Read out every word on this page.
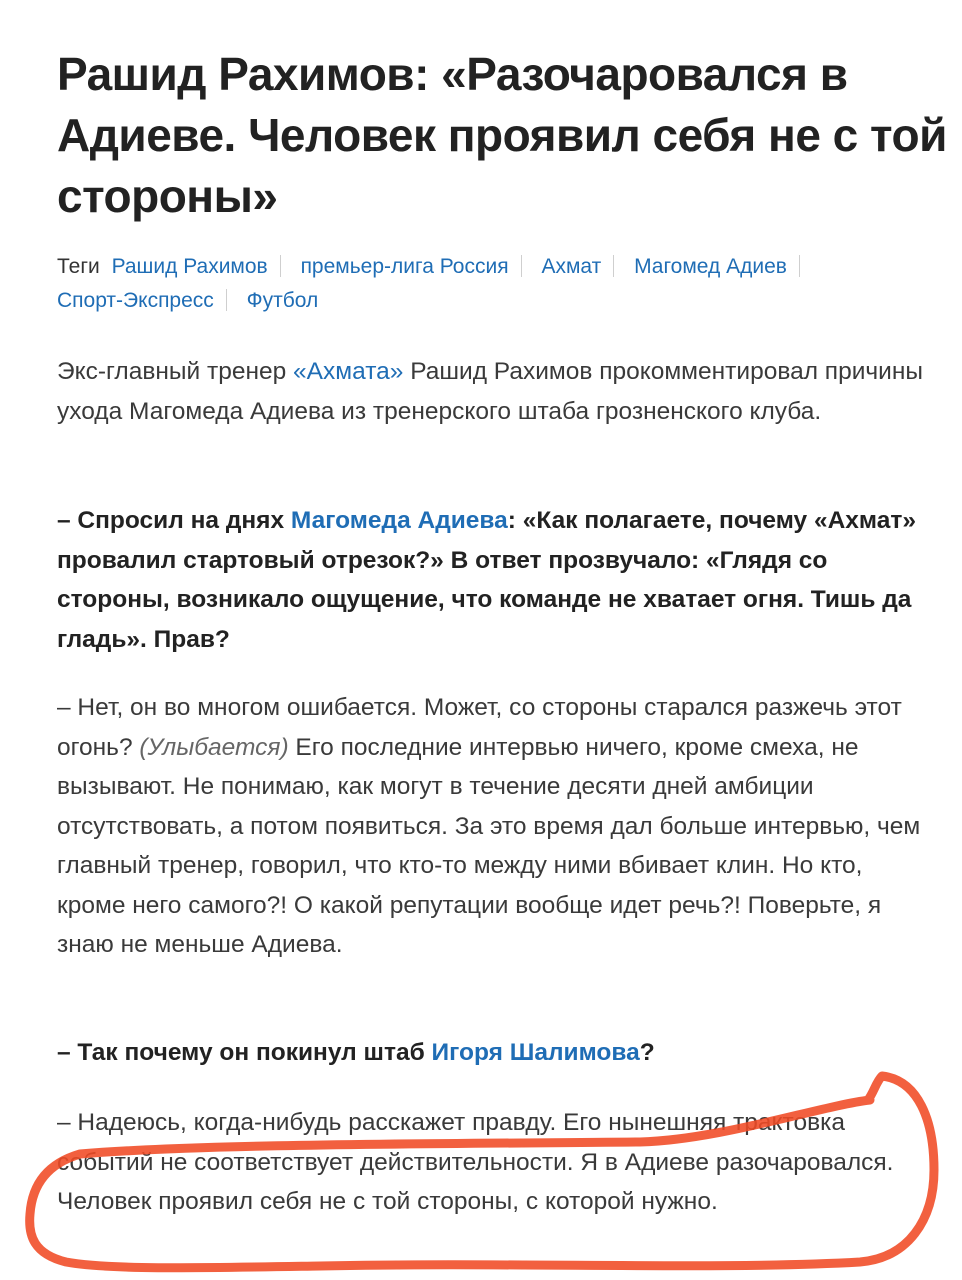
Рашид Рахимов: «Разочаровался в Адиеве. Человек проявил себя не с той стороны»
Теги Рашид Рахимов премьер-лига Россия Ахмат Магомед Адиев
Спорт-Экспресс Футбол

Экс-главный тренер «Ахмата» Рашид Рахимов прокомментировал причины ухода Магомеда Адиева из тренерского штаба грозненского клуба.

– Спросил на днях Магомеда Адиева: «Как полагаете, почему «Ахмат» провалил стартовый отрезок?» В ответ прозвучало: «Глядя со стороны, возникало ощущение, что команде не хватает огня. Тишь да гладь». Прав?

– Нет, он во многом ошибается. Может, со стороны старался разжечь этот огонь? (Улыбается) Его последние интервью ничего, кроме смеха, не вызывают. Не понимаю, как могут в течение десяти дней амбиции отсутствовать, а потом появиться. За это время дал больше интервью, чем главный тренер, говорил, что кто-то между ними вбивает клин. Но кто, кроме него самого?! О какой репутации вообще идет речь?! Поверьте, я знаю не меньше Адиева.

– Так почему он покинул штаб Игоря Шалимова?

– Надеюсь, когда-нибудь расскажет правду. Его нынешняя трактовка событий не соответствует действительности. Я в Адиеве разочаровался. Человек проявил себя не с той стороны, с которой нужно.
